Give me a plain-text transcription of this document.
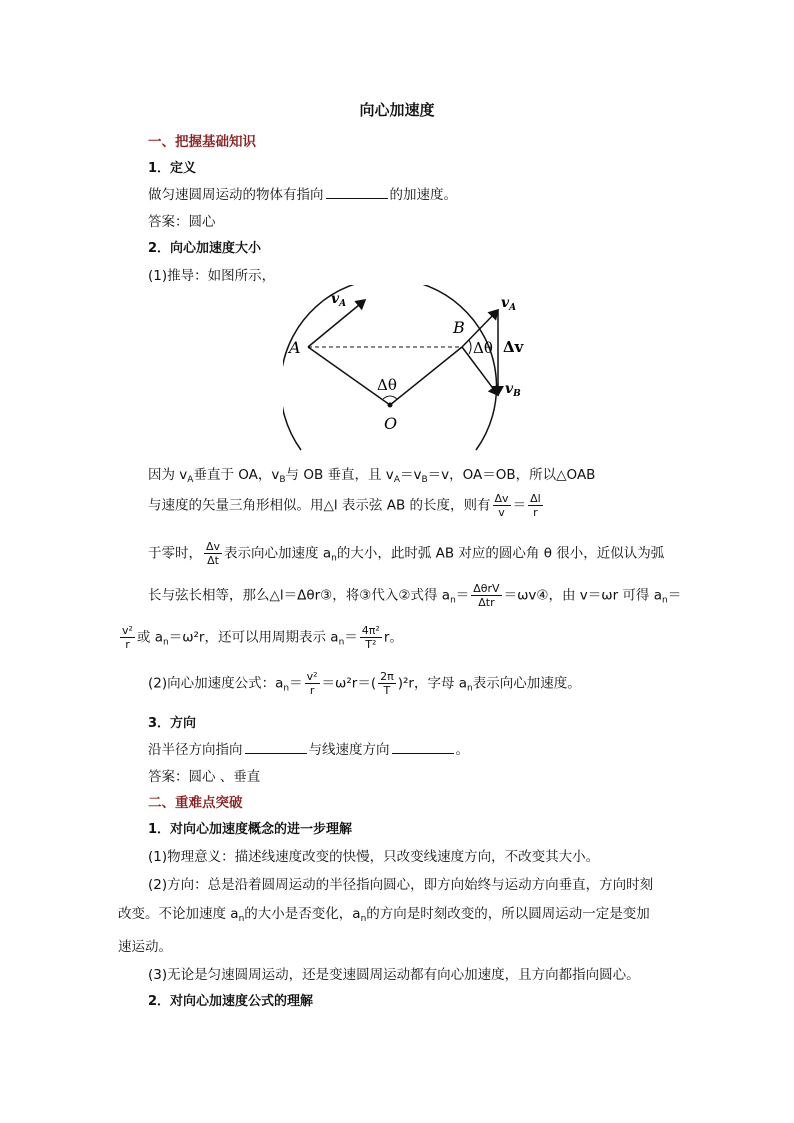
向心加速度
一、把握基础知识
1．定义
做匀速圆周运动的物体有指向	的加速度。
答案：圆心
2．向心加速度大小
(1)推导：如图所示，
$v_A$
A
B
O
Δθ
Δθ Δv
$v_A$
$v_B$
因为 $v_A$垂直于 OA，$v_B$与 OB 垂直，且 $v_A=v_B=v$，OA＝OB，所以△OAB
与速度的矢量三角形相似。用△l 表示弦 AB 的长度，则有 $\frac{\Delta v}{v} = \frac{\Delta l}{r}$
于零时， $\frac{\Delta v}{\Delta t}$ 表示向心加速度 $a_n$的大小，此时弧 AB 对应的圆心角 θ 很小，近似认为弧
长与弦长相等，那么△l＝Δθr③，将③代入②式得 $a_n= \frac{\text{ΔθrV}}{\text{Δtr}}$ ＝ωv④，由 v＝ωr 可得 $a_n=$
$\frac{\text{v²}}{r}$ 或 $a_n=\omega^2r$，还可以用周期表示 $a_n= \frac{\text{4π²}}{\text{T²}}$ r。
(2)向心加速度公式：$a_n= \frac{\text{v²}}{r} =\omega^2r=( \frac{2\pi}{T} )^2r$，字母 $a_n$表示向心加速度。
3．方向
沿半径方向指向	与线速度方向	。
答案：圆心 、垂直
二、重难点突破
1．对向心加速度概念的进一步理解
(1)物理意义：描述线速度改变的快慢，只改变线速度方向，不改变其大小。
(2)方向：总是沿着圆周运动的半径指向圆心，即方向始终与运动方向垂直，方向时刻
改变。不论加速度 $a_n$的大小是否变化，$a_n$的方向是时刻改变的，所以圆周运动一定是变加
速运动。
(3)无论是匀速圆周运动，还是变速圆周运动都有向心加速度，且方向都指向圆心。
2．对向心加速度公式的理解
